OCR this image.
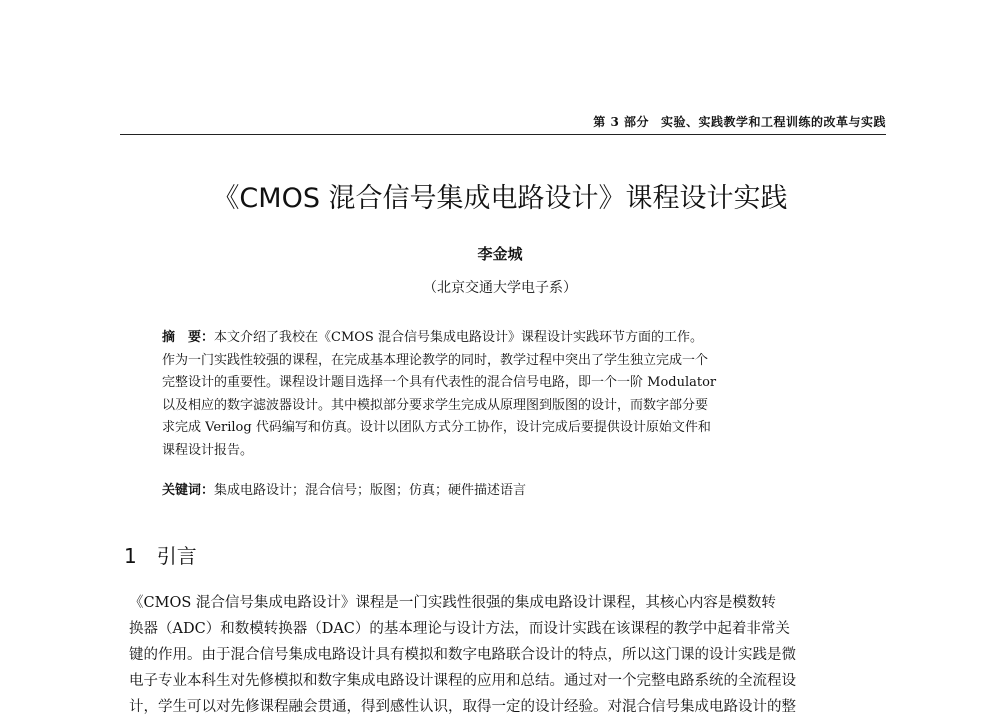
第 3 部分 实验、实践教学和工程训练的改革与实践
《CMOS 混合信号集成电路设计》课程设计实践
李金城
（北京交通大学电子系）
摘　要：本文介绍了我校在《CMOS 混合信号集成电路设计》课程设计实践环节方面的工作。
作为一门实践性较强的课程，在完成基本理论教学的同时，教学过程中突出了学生独立完成一个
完整设计的重要性。课程设计题目选择一个具有代表性的混合信号电路，即一个一阶 Modulator
以及相应的数字滤波器设计。其中模拟部分要求学生完成从原理图到版图的设计，而数字部分要
求完成 Verilog 代码编写和仿真。设计以团队方式分工协作，设计完成后要提供设计原始文件和
课程设计报告。
关键词：集成电路设计；混合信号；版图；仿真；硬件描述语言
1 引言
《CMOS 混合信号集成电路设计》课程是一门实践性很强的集成电路设计课程，其核心内容是模数转
换器（ADC）和数模转换器（DAC）的基本理论与设计方法，而设计实践在该课程的教学中起着非常关
键的作用。由于混合信号集成电路设计具有模拟和数字电路联合设计的特点，所以这门课的设计实践是微
电子专业本科生对先修模拟和数字集成电路设计课程的应用和总结。通过对一个完整电路系统的全流程设
计，学生可以对先修课程融会贯通，得到感性认识，取得一定的设计经验。对混合信号集成电路设计的整
